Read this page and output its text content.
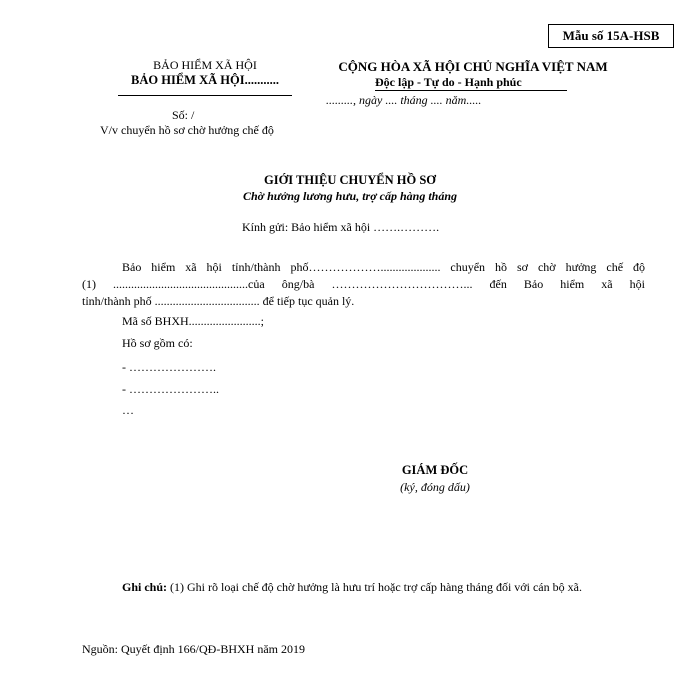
Mẫu số 15A-HSB
BẢO HIỂM XÃ HỘI
BẢO HIỂM XÃ HỘI...........
Số: /
V/v chuyển hồ sơ chờ hưởng chế độ
CỘNG HÒA XÃ HỘI CHỦ NGHĨA VIỆT NAM
Độc lập - Tự do - Hạnh phúc
........., ngày .... tháng .... năm.....
GIỚI THIỆU CHUYỂN HỒ SƠ
Chờ hưởng lương hưu, trợ cấp hàng tháng
Kính gửi: Bảo hiểm xã hội …….……….
Bảo hiểm xã hội tỉnh/thành phố……………….................... chuyển hồ sơ chờ hưởng chế độ
(1) .............................................của ông/bà ……………………………... đến Bảo hiểm xã hội
tỉnh/thành phố ................................... để tiếp tục quản lý.
Mã số BHXH........................;
Hồ sơ gồm có:
- ………………….
- …………………..
…
GIÁM ĐỐC
(ký, đóng dấu)
Ghi chú: (1) Ghi rõ loại chế độ chờ hưởng là hưu trí hoặc trợ cấp hàng tháng đối với cán bộ xã.
Nguồn: Quyết định 166/QĐ-BHXH năm 2019
